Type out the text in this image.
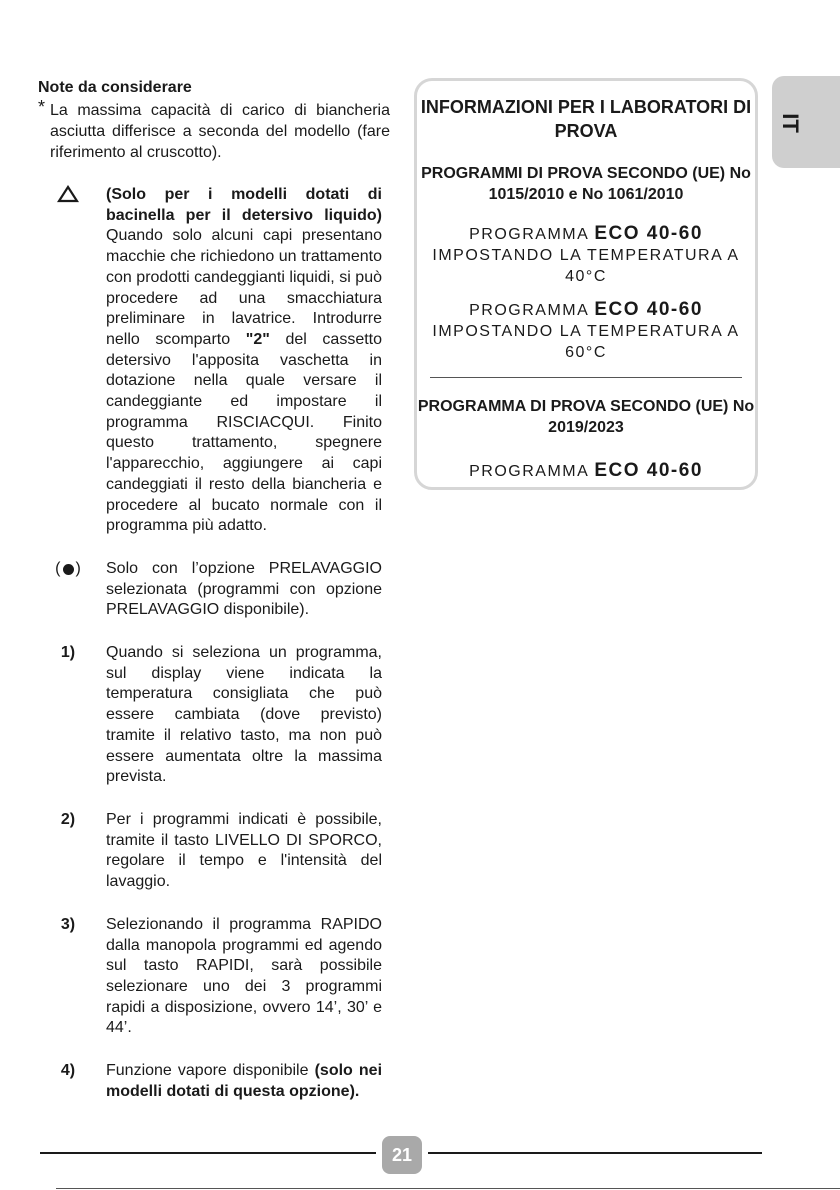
Note da considerare
* La massima capacità di carico di biancheria asciutta differisce a seconda del modello (fare riferimento al cruscotto).
(Solo per i modelli dotati di bacinella per il detersivo liquido) Quando solo alcuni capi presentano macchie che richiedono un trattamento con prodotti candeggianti liquidi, si può procedere ad una smacchiatura preliminare in lavatrice. Introdurre nello scomparto "2" del cassetto detersivo l'apposita vaschetta in dotazione nella quale versare il candeggiante ed impostare il programma RISCIACQUI. Finito questo trattamento, spegnere l'apparecchio, aggiungere ai capi candeggiati il resto della biancheria e procedere al bucato normale con il programma più adatto.
( ) Solo con l’opzione PRELAVAGGIO selezionata (programmi con opzione PRELAVAGGIO disponibile).
1)	Quando si seleziona un programma, sul display viene indicata la temperatura consigliata che può essere cambiata (dove previsto) tramite il relativo tasto, ma non può essere aumentata oltre la massima prevista.
2)	Per i programmi indicati è possibile, tramite il tasto LIVELLO DI SPORCO, regolare il tempo e l'intensità del lavaggio.
3)	Selezionando il programma RAPIDO dalla manopola programmi ed agendo sul tasto RAPIDI, sarà possibile selezionare uno dei 3 programmi rapidi a disposizione, ovvero 14’, 30’ e 44’.
4)	Funzione vapore disponibile (solo nei modelli dotati di questa opzione).
INFORMAZIONI PER I LABORATORI DI PROVA
PROGRAMMI DI PROVA SECONDO (UE) No 1015/2010 e No 1061/2010
PROGRAMMA ECO 40-60
IMPOSTANDO LA TEMPERATURA A 40°C
PROGRAMMA ECO 40-60
IMPOSTANDO LA TEMPERATURA A 60°C
PROGRAMMA DI PROVA SECONDO (UE) No 2019/2023
PROGRAMMA ECO 40-60
IT
21
